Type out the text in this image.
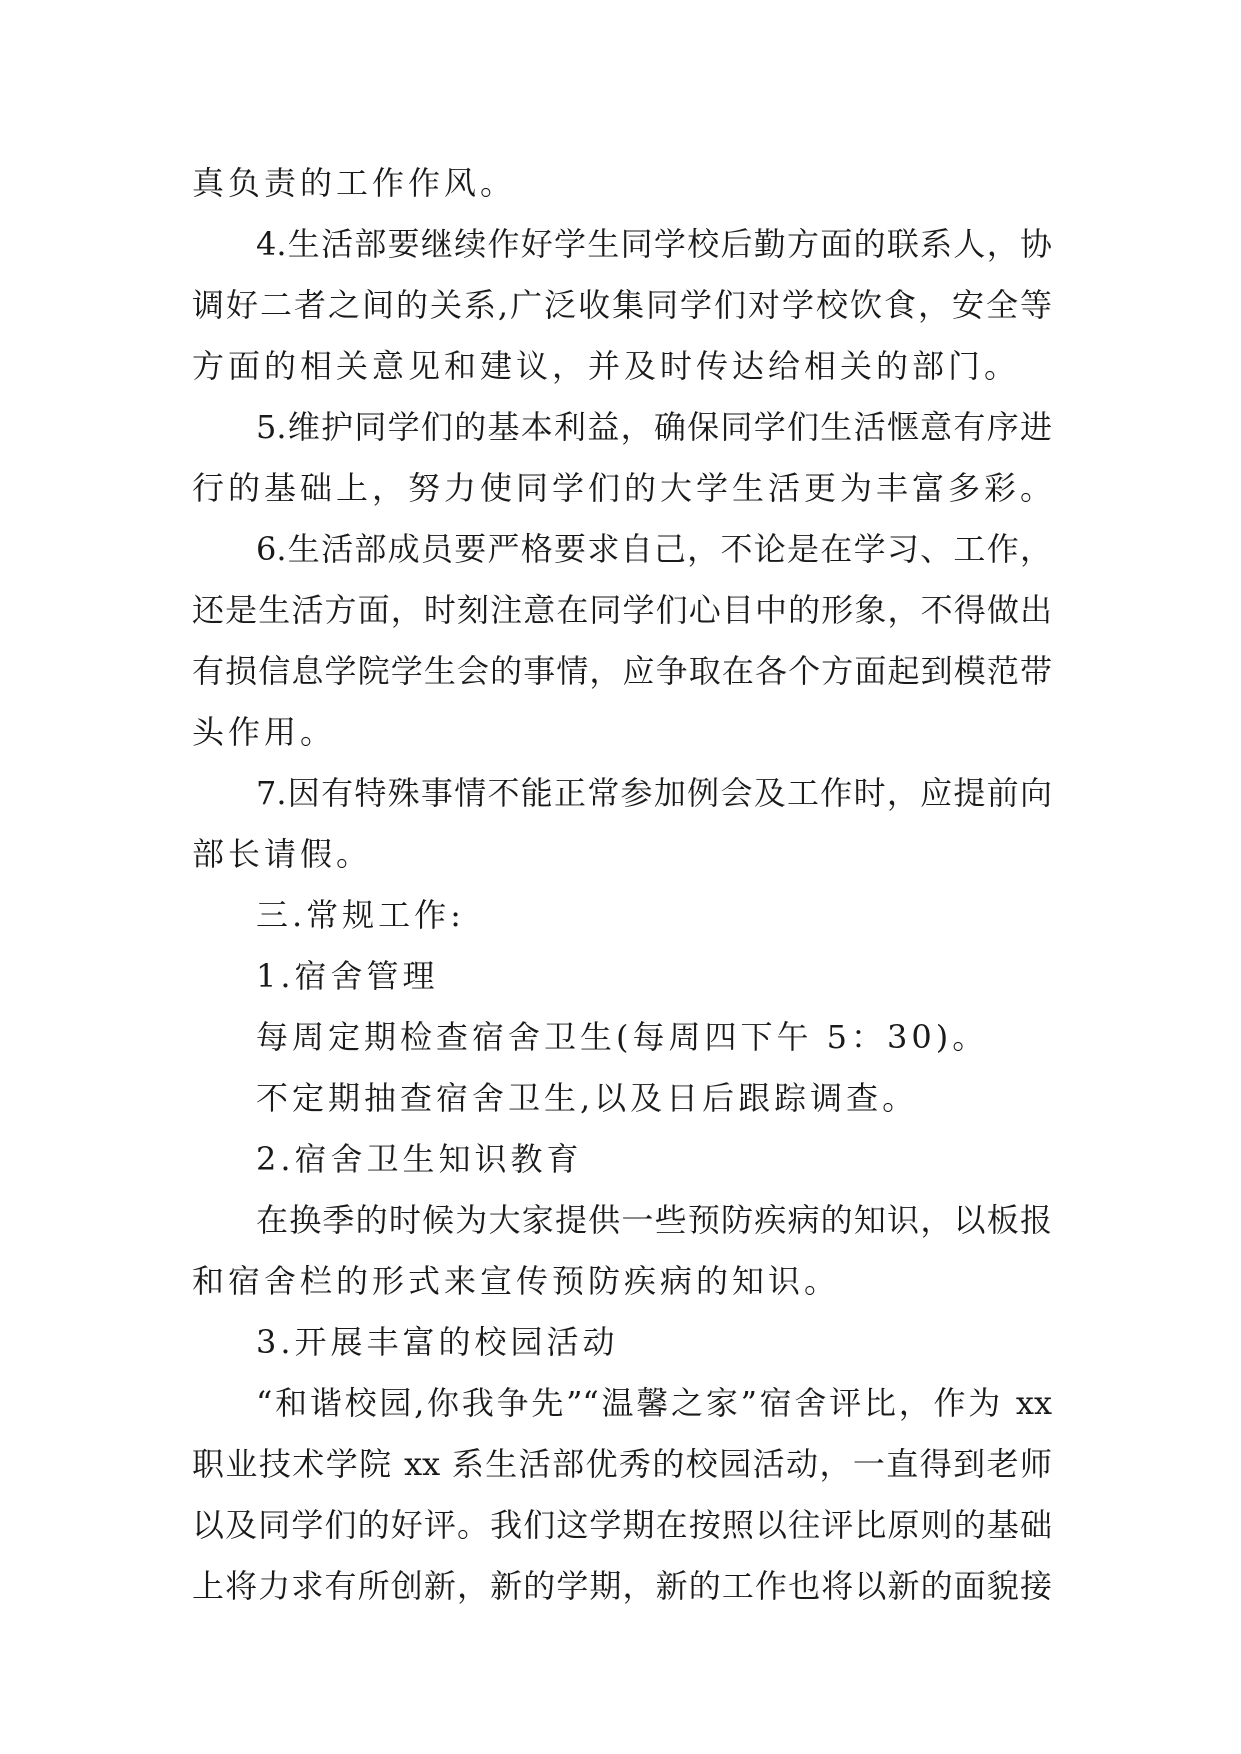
真负责的工作作风。
4.生活部要继续作好学生同学校后勤方面的联系人，协
调好二者之间的关系,广泛收集同学们对学校饮食，安全等
方面的相关意见和建议，并及时传达给相关的部门。
5.维护同学们的基本利益，确保同学们生活惬意有序进
行的基础上，努力使同学们的大学生活更为丰富多彩。
6.生活部成员要严格要求自己，不论是在学习、工作，
还是生活方面，时刻注意在同学们心目中的形象，不得做出
有损信息学院学生会的事情，应争取在各个方面起到模范带
头作用。
7.因有特殊事情不能正常参加例会及工作时，应提前向
部长请假。
三.常规工作:
1.宿舍管理
每周定期检查宿舍卫生(每周四下午 5：30)。
不定期抽查宿舍卫生,以及日后跟踪调查。
2.宿舍卫生知识教育
在换季的时候为大家提供一些预防疾病的知识，以板报
和宿舍栏的形式来宣传预防疾病的知识。
3.开展丰富的校园活动
“和谐校园,你我争先”“温馨之家”宿舍评比，作为 xx
职业技术学院 xx 系生活部优秀的校园活动，一直得到老师
以及同学们的好评。我们这学期在按照以往评比原则的基础
上将力求有所创新，新的学期，新的工作也将以新的面貌接
